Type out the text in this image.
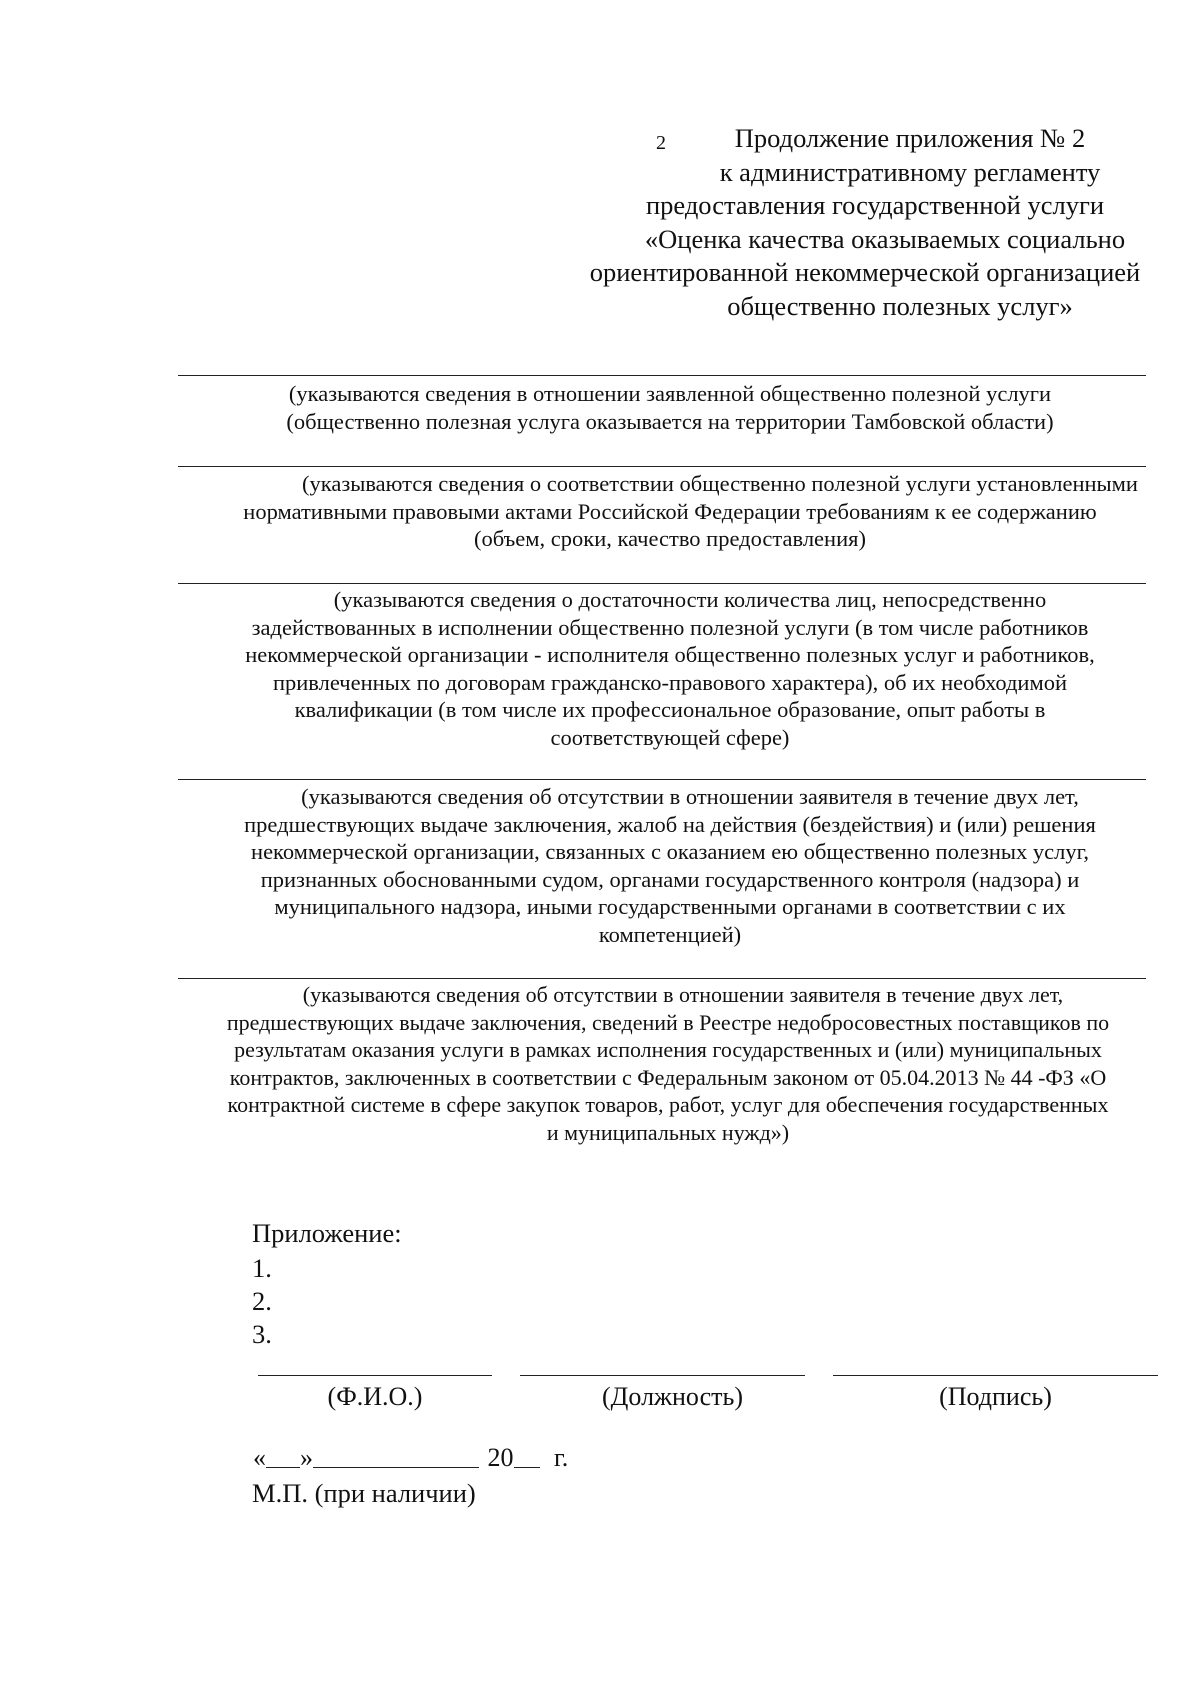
2	Продолжение приложения № 2
к административному регламенту
предоставления государственной услуги
«Оценка качества оказываемых социально
ориентированной некоммерческой организацией
общественно полезных услуг»
(указываются сведения в отношении заявленной общественно полезной услуги
(общественно полезная услуга оказывается на территории Тамбовской области)
(указываются сведения о соответствии общественно полезной услуги установленными
нормативными правовыми актами Российской Федерации требованиям к ее содержанию
(объем, сроки, качество предоставления)
(указываются сведения о достаточности количества лиц, непосредственно
задействованных в исполнении общественно полезной услуги (в том числе работников
некоммерческой организации - исполнителя общественно полезных услуг и работников,
привлеченных по договорам гражданско-правового характера), об их необходимой
квалификации (в том числе их профессиональное образование, опыт работы в
соответствующей сфере)
(указываются сведения об отсутствии в отношении заявителя в течение двух лет,
предшествующих выдаче заключения, жалоб на действия (бездействия) и (или) решения
некоммерческой организации, связанных с оказанием ею общественно полезных услуг,
признанных обоснованными судом, органами государственного контроля (надзора) и
муниципального надзора, иными государственными органами в соответствии с их
компетенцией)
(указываются сведения об отсутствии в отношении заявителя в течение двух лет,
предшествующих выдаче заключения, сведений в Реестре недобросовестных поставщиков по
результатам оказания услуги в рамках исполнения государственных и (или) муниципальных
контрактов, заключенных в соответствии с Федеральным законом от 05.04.2013 № 44 -ФЗ «О
контрактной системе в сфере закупок товаров, работ, услуг для обеспечения государственных
и муниципальных нужд»)
Приложение:
1.
2.
3.
(Ф.И.О.)	(Должность)	(Подпись)
« »	20 г.
М.П. (при наличии)
